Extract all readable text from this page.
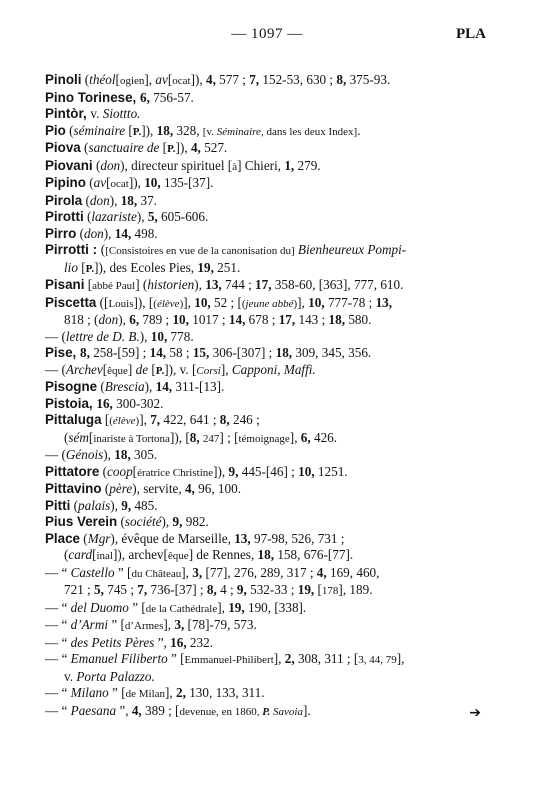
— 1097 —	PLA
Pinoli (théol[ogien], av[ocat]), 4, 577 ; 7, 152-53, 630 ; 8, 375-93.
Pino Torinese, 6, 756-57.
Pintòr, v. Siottto.
Pio (séminaire [P.]), 18, 328, [v. Séminaire, dans les deux Index].
Piova (sanctuaire de [P.]), 4, 527.
Piovani (don), directeur spirituel [à] Chieri, 1, 279.
Pipino (av[ocat]), 10, 135-[37].
Pirola (don), 18, 37.
Pirotti (lazariste), 5, 605-606.
Pirro (don), 14, 498.
Pirrotti : ([Consistoires en vue de la canonisation du] Bienheureux Pompi-
lio [P.]), des Ecoles Pies, 19, 251.
Pisani [abbé Paul] (historien), 13, 744 ; 17, 358-60, [363], 777, 610.
Piscetta ([Louis]), [(élève)], 10, 52 ; [(jeune abbé)], 10, 777-78 ; 13,
818 ; (don), 6, 789 ; 10, 1017 ; 14, 678 ; 17, 143 ; 18, 580.
— (lettre de D. B.), 10, 778.
Pise, 8, 258-[59] ; 14, 58 ; 15, 306-[307] ; 18, 309, 345, 356.
— (Archev[êque] de [P.]), v. [Corsi], Capponi, Maffi.
Pisogne (Brescia), 14, 311-[13].
Pistoia, 16, 300-302.
Pittaluga [(élève)], 7, 422, 641 ; 8, 246 ;
(sém[inariste à Tortona]), [8, 247] ; [témoignage], 6, 426.
— (Génois), 18, 305.
Pittatore (coop[ératrice Christine]), 9, 445-[46] ; 10, 1251.
Pittavino (père), servite, 4, 96, 100.
Pitti (palais), 9, 485.
Pius Verein (société), 9, 982.
Place (Mgr), évêque de Marseille, 13, 97-98, 526, 731 ;
(card[inal]), archev[êque] de Rennes, 18, 158, 676-[77].
— “ Castello ” [du Château], 3, [77], 276, 289, 317 ; 4, 169, 460,
721 ; 5, 745 ; 7, 736-[37] ; 8, 4 ; 9, 532-33 ; 19, [178], 189.
— “ del Duomo ” [de la Cathédrale], 19, 190, [338].
— “ d’Armi ” [d’Armes], 3, [78]-79, 573.
— “ des Petits Pères ”, 16, 232.
— “ Emanuel Filiberto ” [Emmanuel-Philibert], 2, 308, 311 ; [3, 44, 79],
v. Porta Palazzo.
— “ Milano ” [de Milan], 2, 130, 133, 311.
— “ Paesana ”, 4, 389 ; [devenue, en 1860, P. Savoia].	➔
